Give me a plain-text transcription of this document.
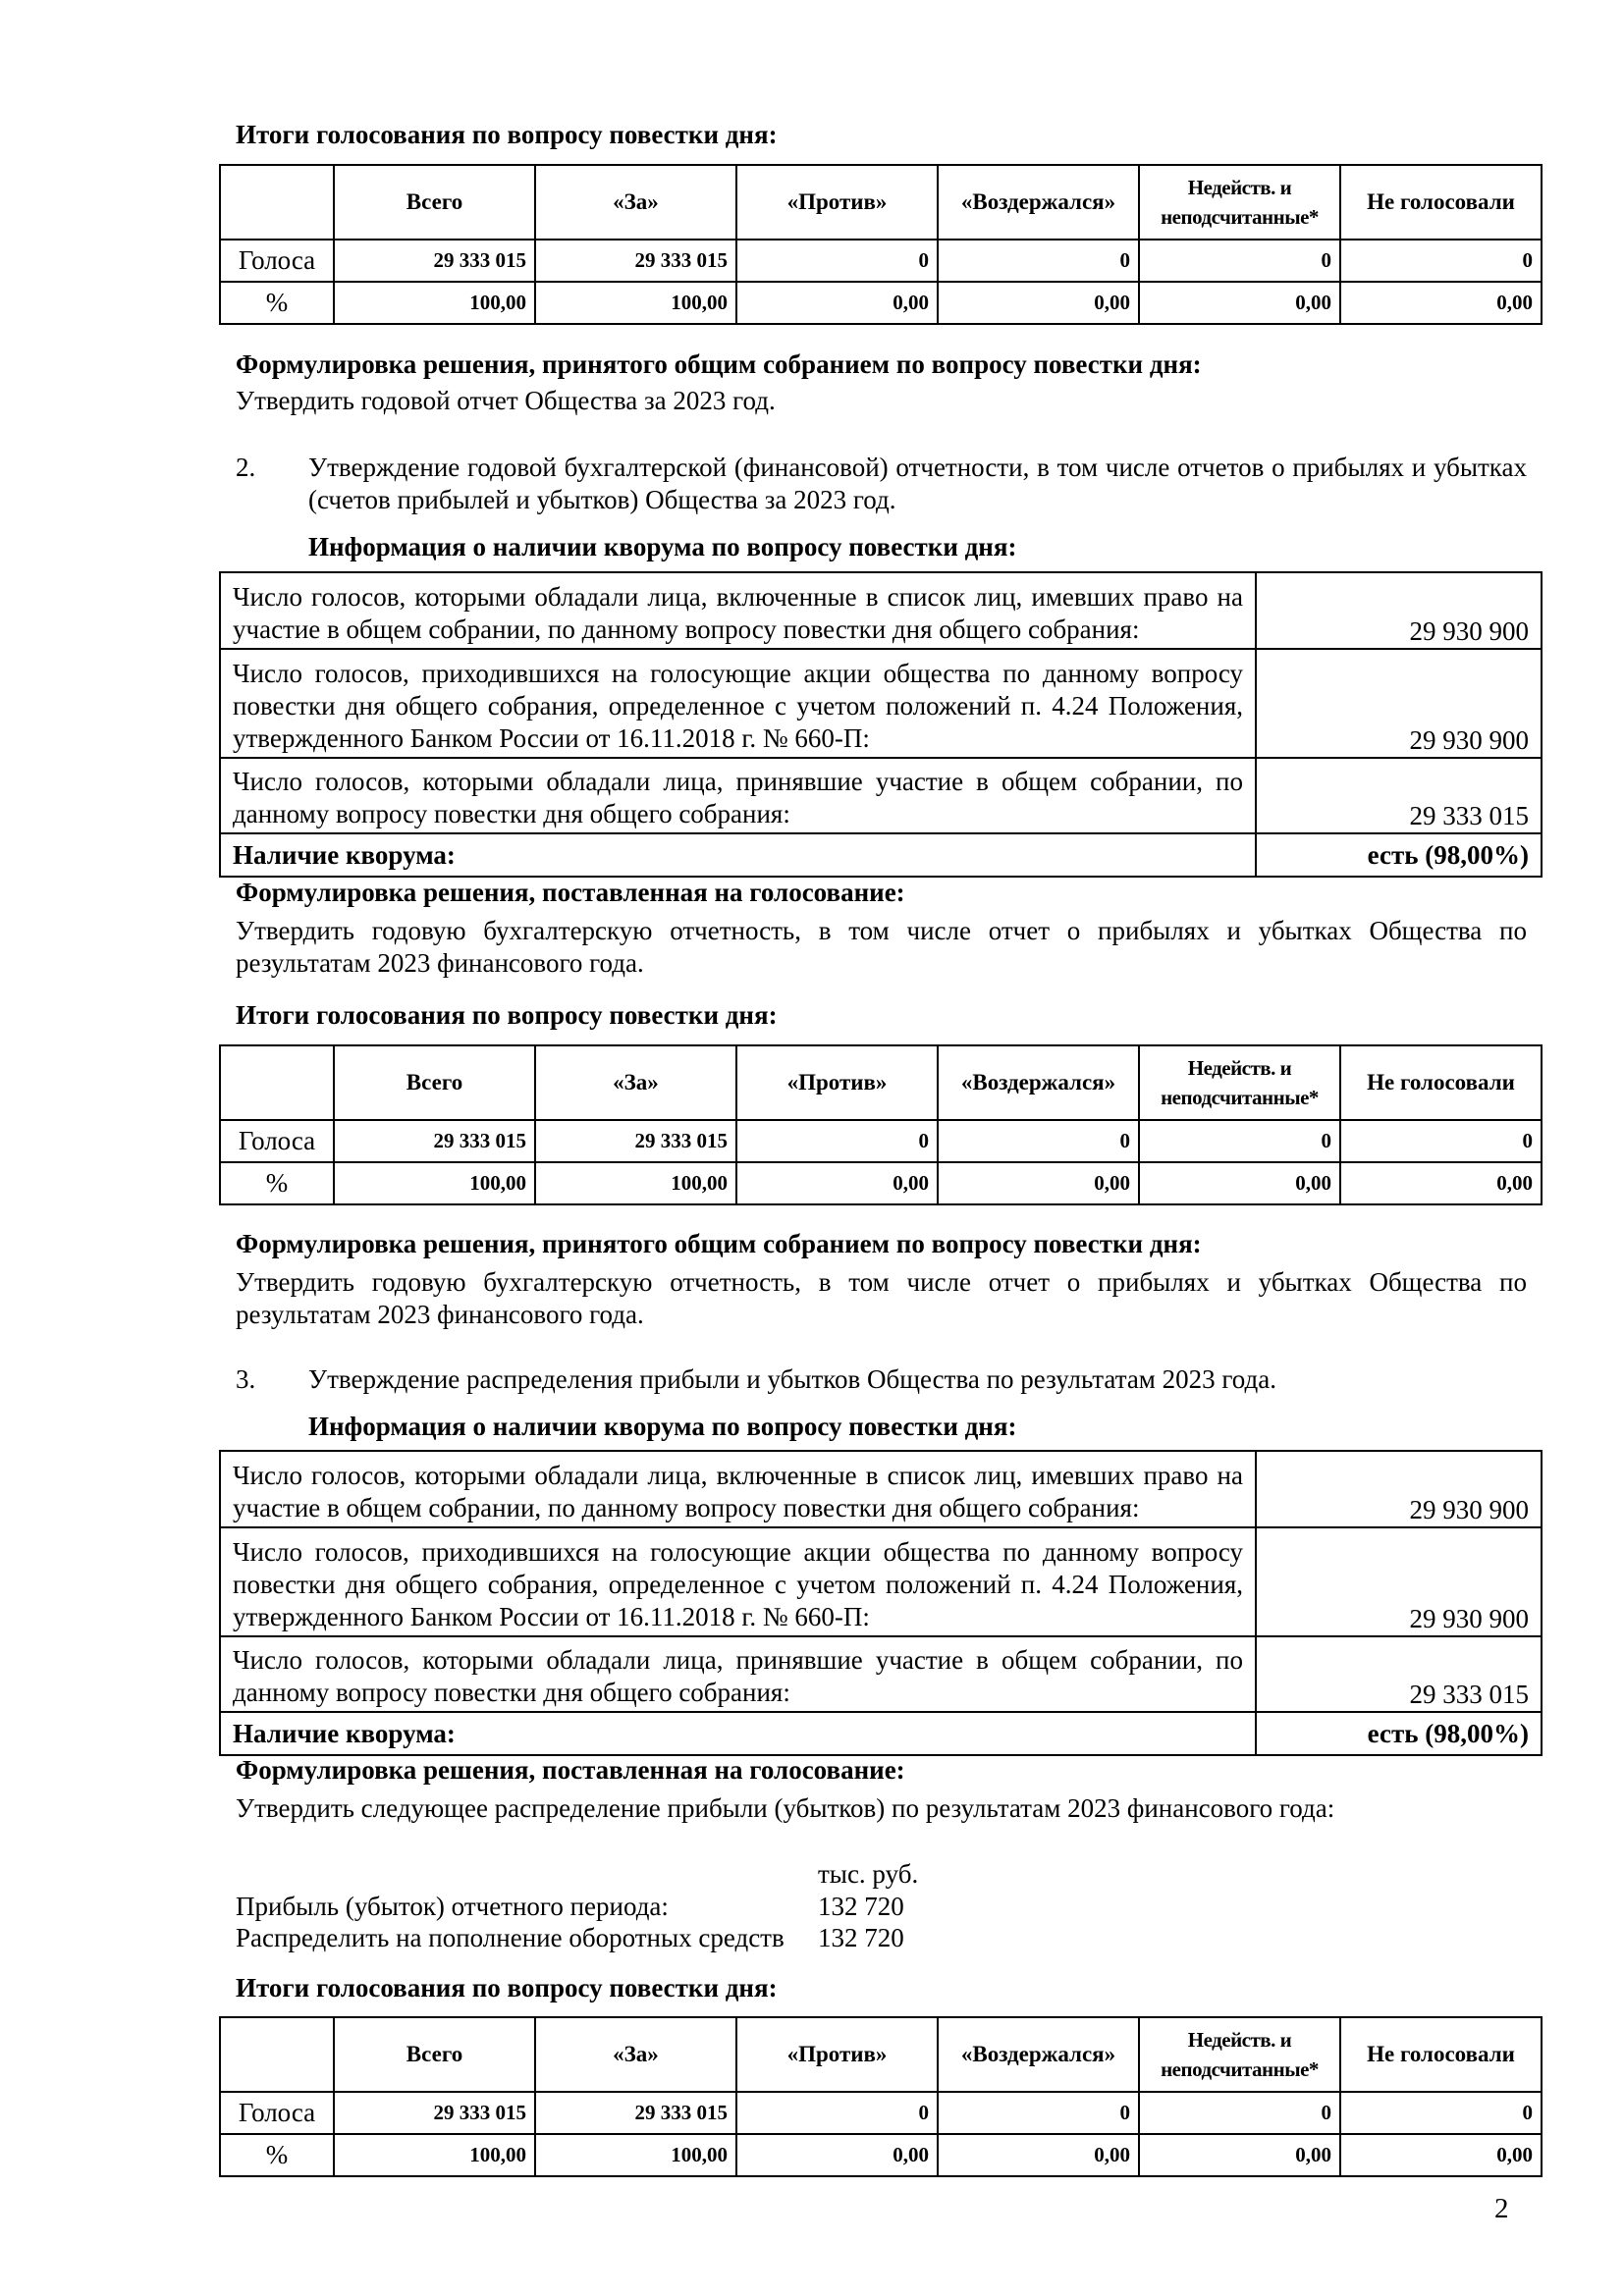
Итоги голосования по вопросу повестки дня:
	Всего	«За»	«Против»	«Воздержался»	Недейств. и неподсчитанные*	Не голосовали
Голоса	29 333 015	29 333 015	0	0	0	0
%	100,00	100,00	0,00	0,00	0,00	0,00
Формулировка решения, принятого общим собранием по вопросу повестки дня:
Утвердить годовой отчет Общества за 2023 год.
2. Утверждение годовой бухгалтерской (финансовой) отчетности, в том числе отчетов о прибылях и убытках (счетов прибылей и убытков) Общества за 2023 год.
Информация о наличии кворума по вопросу повестки дня:
Число голосов, которыми обладали лица, включенные в список лиц, имевших право на участие в общем собрании, по данному вопросу повестки дня общего собрания:	29 930 900
Число голосов, приходившихся на голосующие акции общества по данному вопросу повестки дня общего собрания, определенное с учетом положений п. 4.24 Положения, утвержденного Банком России от 16.11.2018 г. № 660-П:	29 930 900
Число голосов, которыми обладали лица, принявшие участие в общем собрании, по данному вопросу повестки дня общего собрания:	29 333 015
Наличие кворума:	есть (98,00%)
Формулировка решения, поставленная на голосование:
Утвердить годовую бухгалтерскую отчетность, в том числе отчет о прибылях и убытках Общества по результатам 2023 финансового года.
Итоги голосования по вопросу повестки дня:
	Всего	«За»	«Против»	«Воздержался»	Недейств. и неподсчитанные*	Не голосовали
Голоса	29 333 015	29 333 015	0	0	0	0
%	100,00	100,00	0,00	0,00	0,00	0,00
Формулировка решения, принятого общим собранием по вопросу повестки дня:
Утвердить годовую бухгалтерскую отчетность, в том числе отчет о прибылях и убытках Общества по результатам 2023 финансового года.
3. Утверждение распределения прибыли и убытков Общества по результатам 2023 года.
Информация о наличии кворума по вопросу повестки дня:
Число голосов, которыми обладали лица, включенные в список лиц, имевших право на участие в общем собрании, по данному вопросу повестки дня общего собрания:	29 930 900
Число голосов, приходившихся на голосующие акции общества по данному вопросу повестки дня общего собрания, определенное с учетом положений п. 4.24 Положения, утвержденного Банком России от 16.11.2018 г. № 660-П:	29 930 900
Число голосов, которыми обладали лица, принявшие участие в общем собрании, по данному вопросу повестки дня общего собрания:	29 333 015
Наличие кворума:	есть (98,00%)
Формулировка решения, поставленная на голосование:
Утвердить следующее распределение прибыли (убытков) по результатам 2023 финансового года:
тыс. руб.
Прибыль (убыток) отчетного периода:	132 720
Распределить на пополнение оборотных средств 132 720
Итоги голосования по вопросу повестки дня:
	Всего	«За»	«Против»	«Воздержался»	Недейств. и неподсчитанные*	Не голосовали
Голоса	29 333 015	29 333 015	0	0	0	0
%	100,00	100,00	0,00	0,00	0,00	0,00
2
